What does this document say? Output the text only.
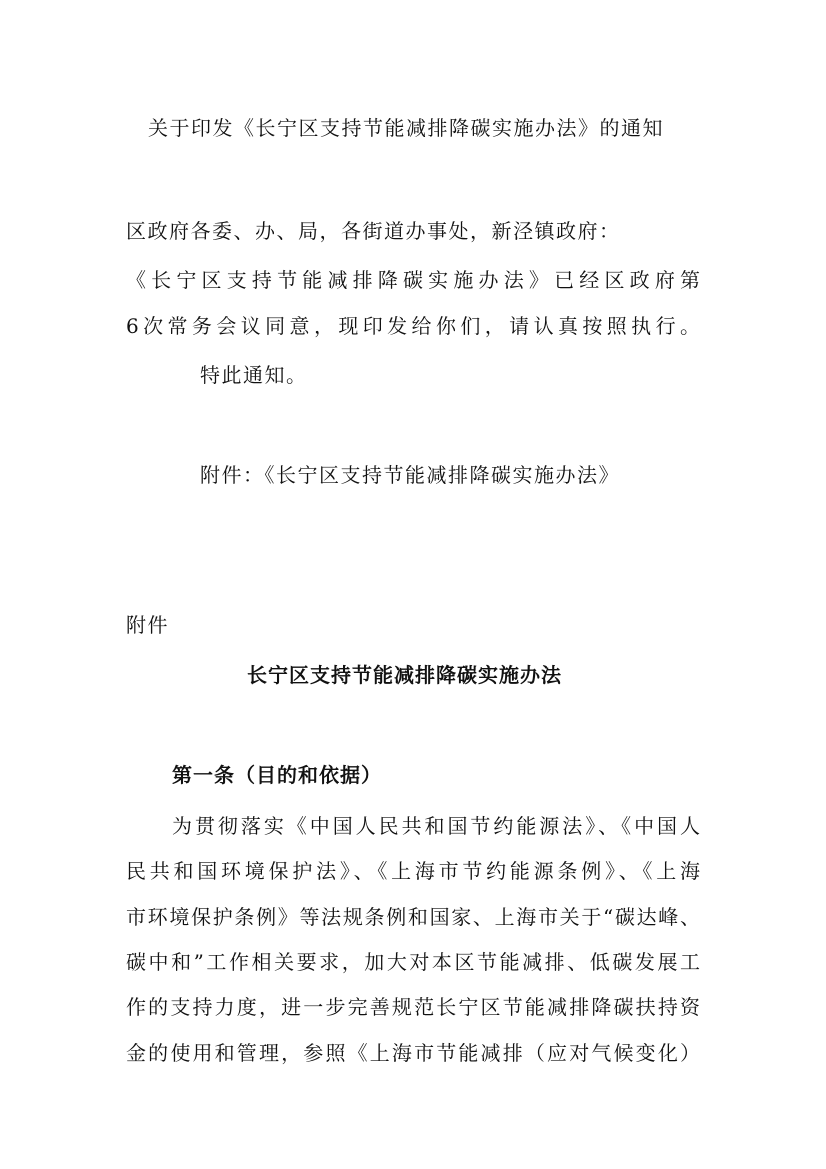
关于印发《长宁区支持节能减排降碳实施办法》的通知
区政府各委、办、局，各街道办事处，新泾镇政府：
《长宁区支持节能减排降碳实施办法》已经区政府第
6次常务会议同意，现印发给你们，请认真按照执行。
特此通知。
附件：《长宁区支持节能减排降碳实施办法》
附件
长宁区支持节能减排降碳实施办法
第一条（目的和依据）
为贯彻落实《中国人民共和国节约能源法》、《中国人
民共和国环境保护法》、《上海市节约能源条例》、《上海
市环境保护条例》等法规条例和国家、上海市关于“碳达峰、
碳中和”工作相关要求，加大对本区节能减排、低碳发展工
作的支持力度，进一步完善规范长宁区节能减排降碳扶持资
金的使用和管理，参照《上海市节能减排（应对气候变化）
